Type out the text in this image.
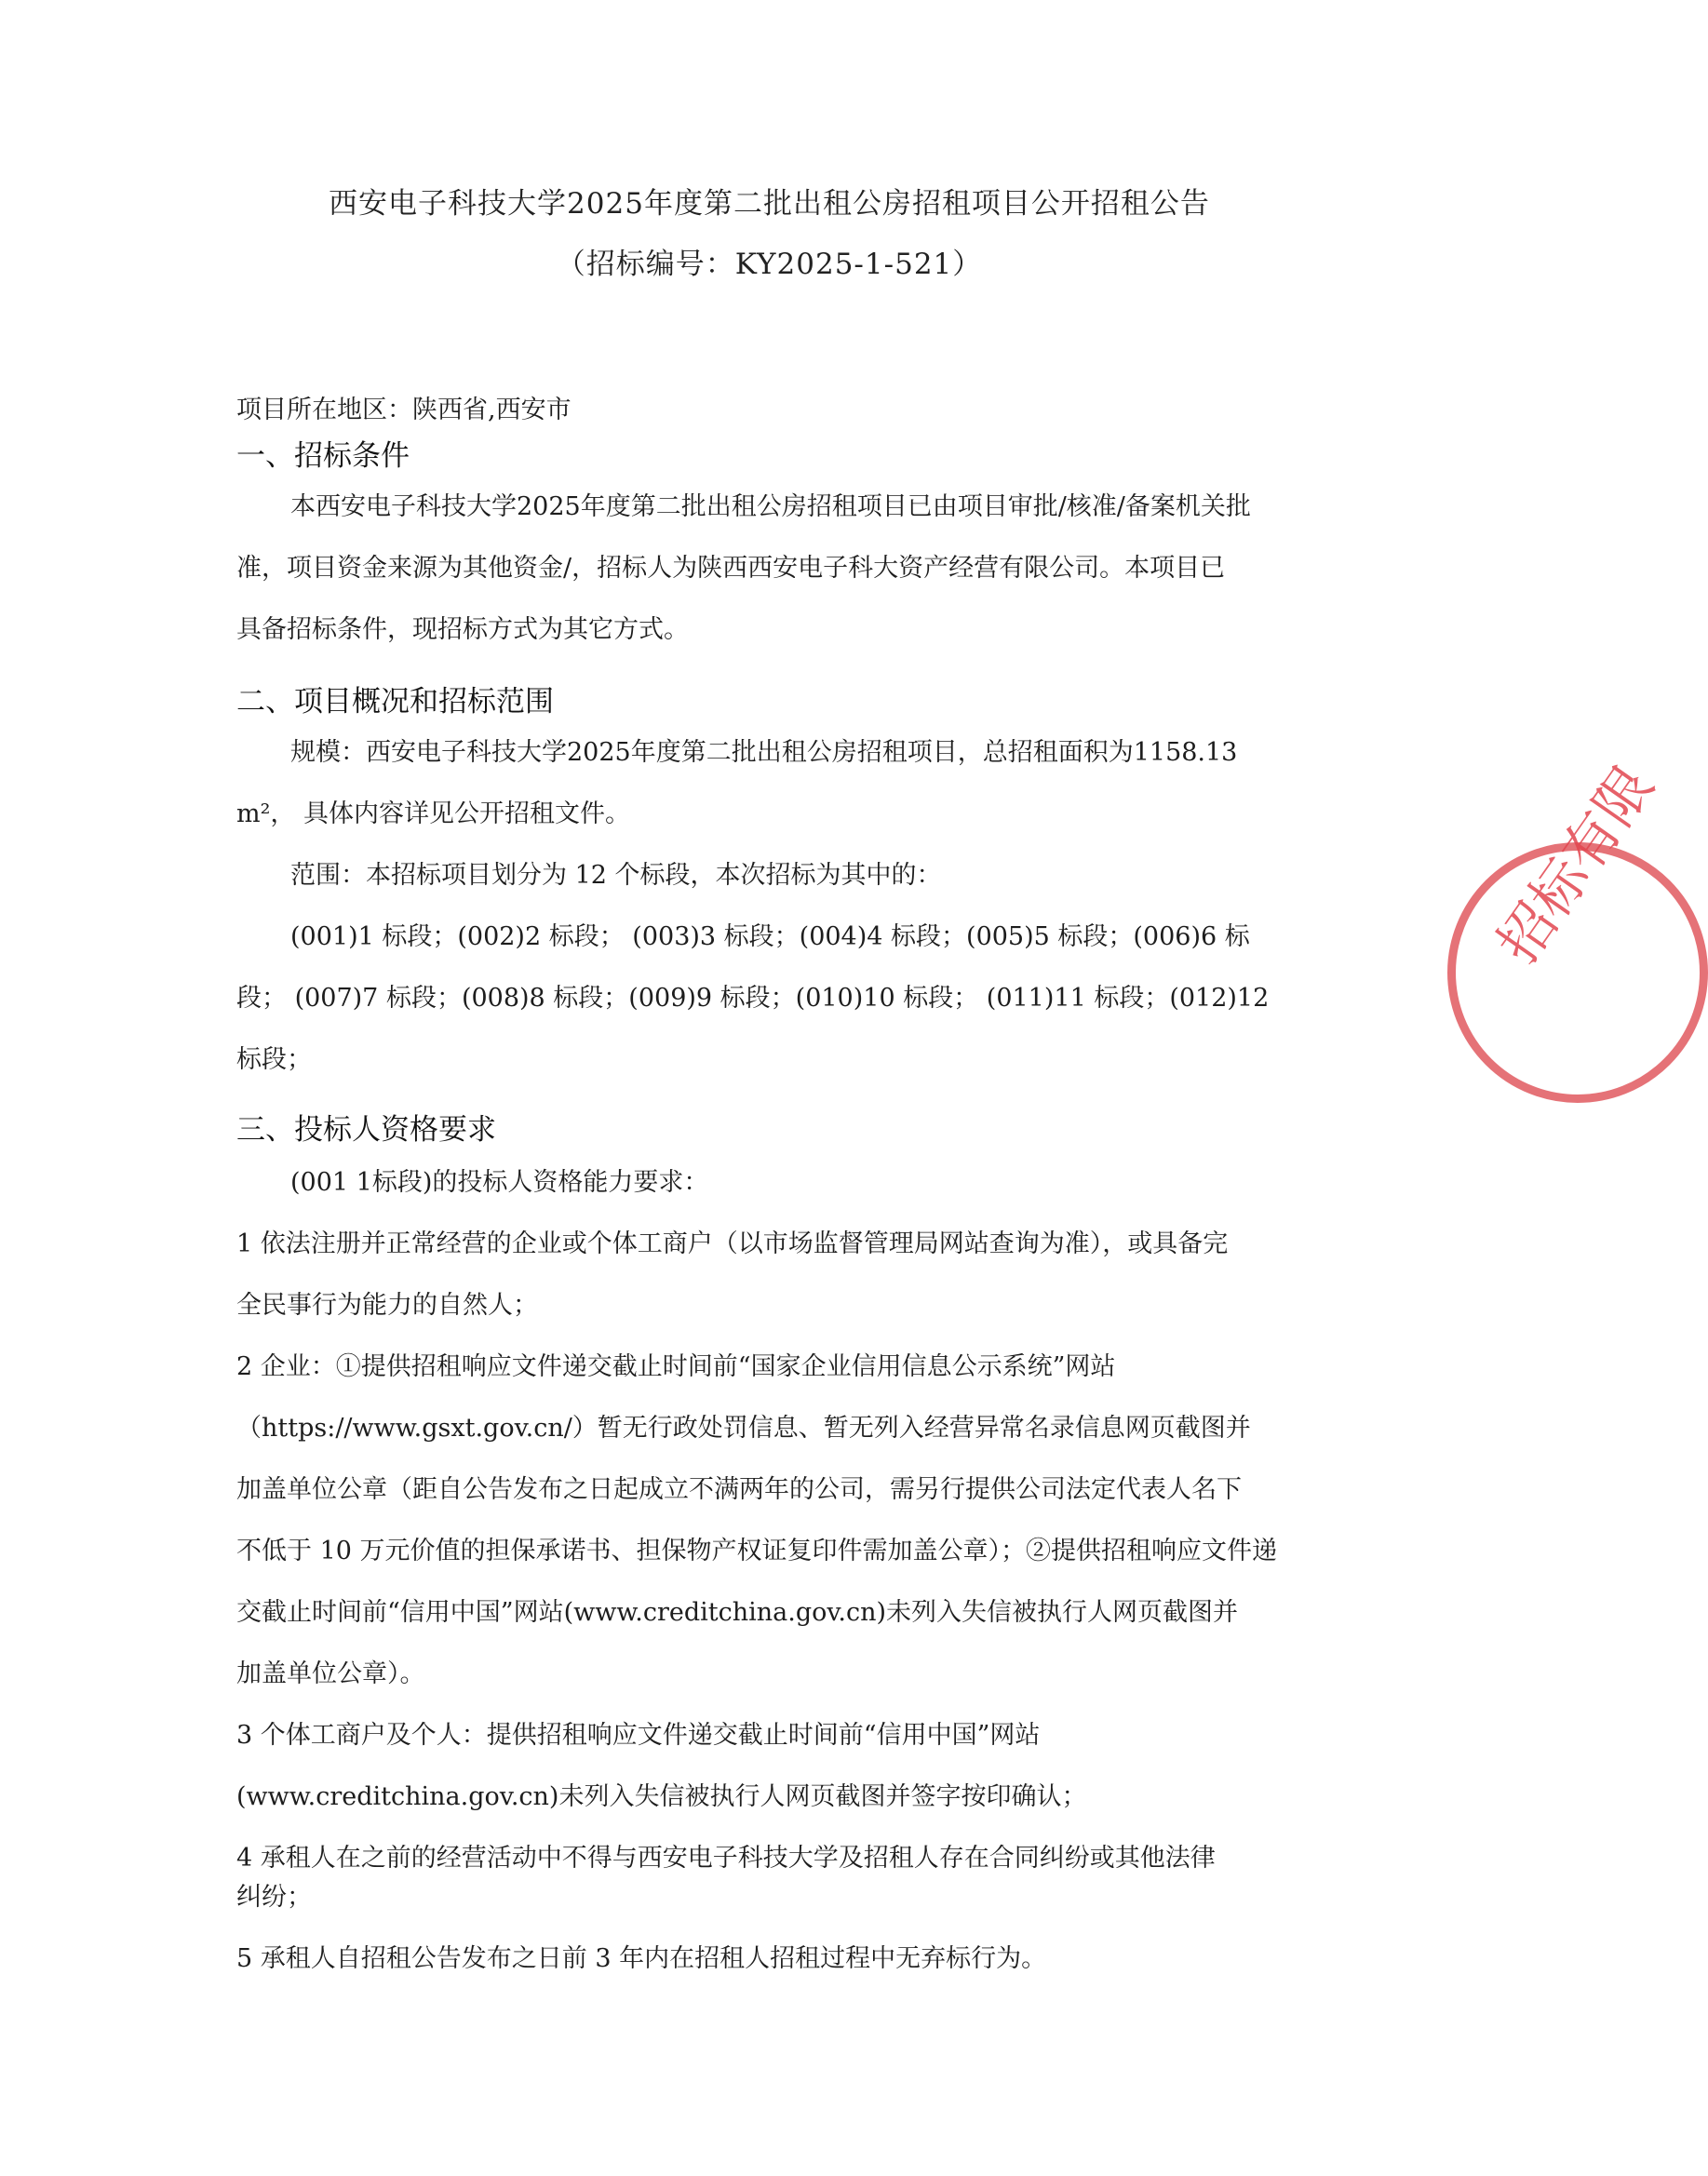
西安电子科技大学2025年度第二批出租公房招租项目公开招租公告
（招标编号：KY2025-1-521）
项目所在地区：陕西省,西安市
一、招标条件
本西安电子科技大学2025年度第二批出租公房招租项目已由项目审批/核准/备案机关批
准，项目资金来源为其他资金/，招标人为陕西西安电子科大资产经营有限公司。本项目已
具备招标条件，现招标方式为其它方式。
二、项目概况和招标范围
规模：西安电子科技大学2025年度第二批出租公房招租项目，总招租面积为1158.13
m²， 具体内容详见公开招租文件。
范围：本招标项目划分为 12 个标段，本次招标为其中的：
(001)1 标段；(002)2 标段； (003)3 标段；(004)4 标段；(005)5 标段；(006)6 标
段； (007)7 标段；(008)8 标段；(009)9 标段；(010)10 标段； (011)11 标段；(012)12
标段；
三、投标人资格要求
(001 1标段)的投标人资格能力要求：
1 依法注册并正常经营的企业或个体工商户（以市场监督管理局网站查询为准），或具备完
全民事行为能力的自然人；
2 企业：①提供招租响应文件递交截止时间前“国家企业信用信息公示系统”网站
（https://www.gsxt.gov.cn/）暂无行政处罚信息、暂无列入经营异常名录信息网页截图并
加盖单位公章（距自公告发布之日起成立不满两年的公司，需另行提供公司法定代表人名下
不低于 10 万元价值的担保承诺书、担保物产权证复印件需加盖公章）；②提供招租响应文件递
交截止时间前“信用中国”网站(www.creditchina.gov.cn)未列入失信被执行人网页截图并
加盖单位公章）。
3 个体工商户及个人：提供招租响应文件递交截止时间前“信用中国”网站
(www.creditchina.gov.cn)未列入失信被执行人网页截图并签字按印确认；
4 承租人在之前的经营活动中不得与西安电子科技大学及招租人存在合同纠纷或其他法律
纠纷；
5 承租人自招租公告发布之日前 3 年内在招租人招租过程中无弃标行为。
招标有限
